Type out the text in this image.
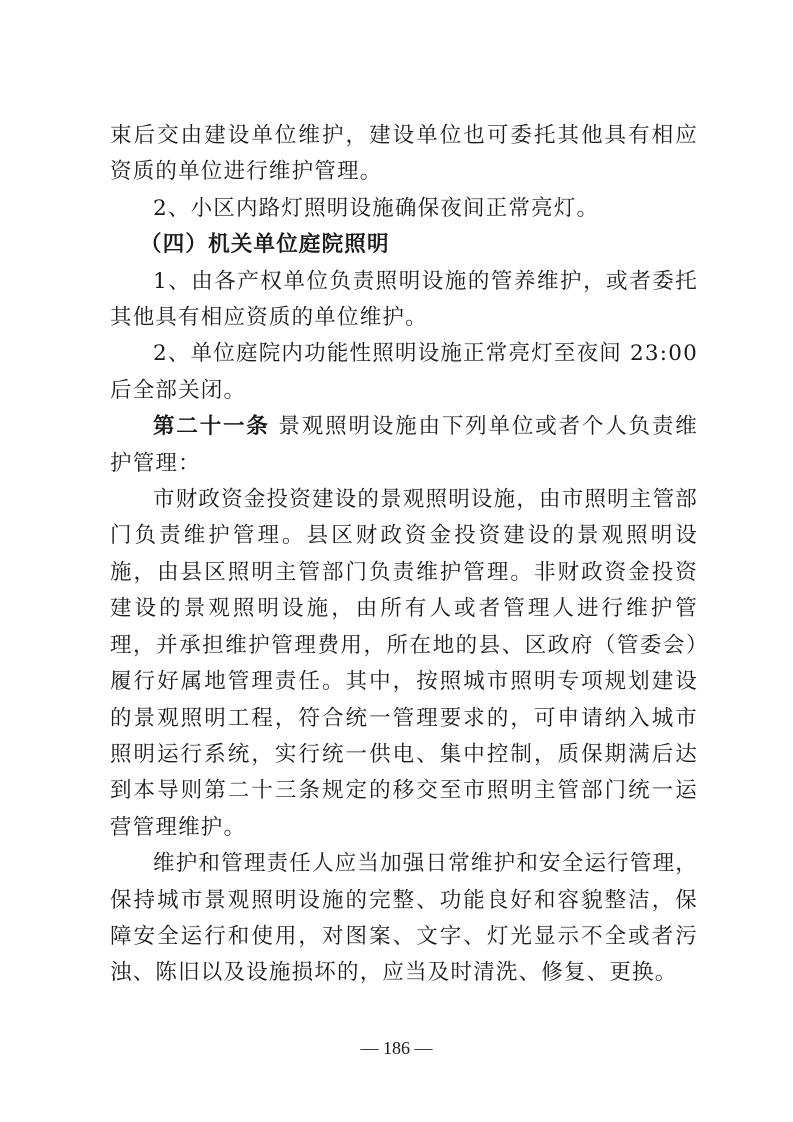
束后交由建设单位维护，建设单位也可委托其他具有相应资质的单位进行维护管理。

2、小区内路灯照明设施确保夜间正常亮灯。

（四）机关单位庭院照明

1、由各产权单位负责照明设施的管养维护，或者委托其他具有相应资质的单位维护。

2、单位庭院内功能性照明设施正常亮灯至夜间 23:00 后全部关闭。

第二十一条 景观照明设施由下列单位或者个人负责维护管理：

市财政资金投资建设的景观照明设施，由市照明主管部门负责维护管理。县区财政资金投资建设的景观照明设施，由县区照明主管部门负责维护管理。非财政资金投资建设的景观照明设施，由所有人或者管理人进行维护管理，并承担维护管理费用，所在地的县、区政府（管委会）履行好属地管理责任。其中，按照城市照明专项规划建设的景观照明工程，符合统一管理要求的，可申请纳入城市照明运行系统，实行统一供电、集中控制，质保期满后达到本导则第二十三条规定的移交至市照明主管部门统一运营管理维护。

维护和管理责任人应当加强日常维护和安全运行管理，保持城市景观照明设施的完整、功能良好和容貌整洁，保障安全运行和使用，对图案、文字、灯光显示不全或者污浊、陈旧以及设施损坏的，应当及时清洗、修复、更换。

— 186 —
